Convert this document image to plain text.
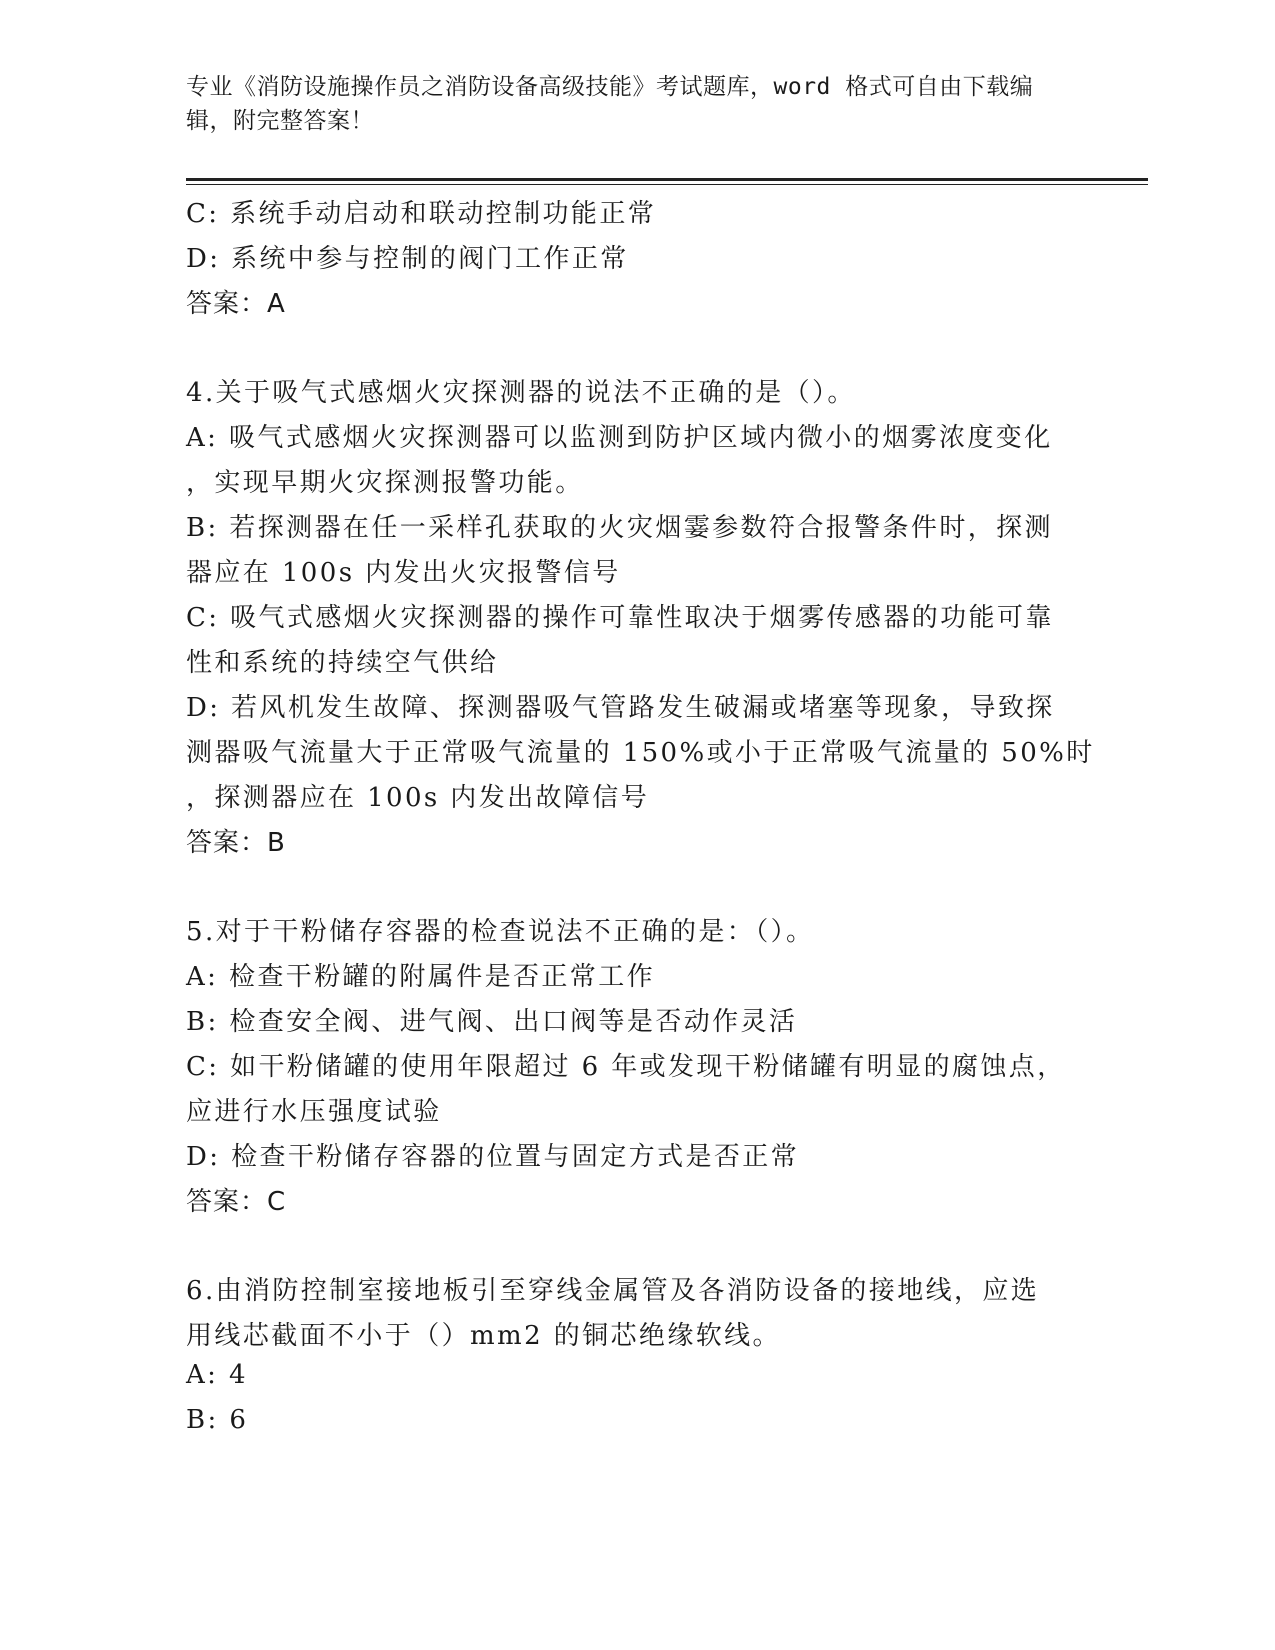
专业《消防设施操作员之消防设备高级技能》考试题库，word 格式可自由下载编
辑，附完整答案！
C: 系统手动启动和联动控制功能正常
D: 系统中参与控制的阀门工作正常
答案：A
4.关于吸气式感烟火灾探测器的说法不正确的是（）。
A: 吸气式感烟火灾探测器可以监测到防护区域内微小的烟雾浓度变化
，实现早期火灾探测报警功能。
B: 若探测器在任一采样孔获取的火灾烟霎参数符合报警条件时，探测
器应在 100s 内发出火灾报警信号
C: 吸气式感烟火灾探测器的操作可靠性取决于烟雾传感器的功能可靠
性和系统的持续空气供给
D: 若风机发生故障、探测器吸气管路发生破漏或堵塞等现象，导致探
测器吸气流量大于正常吸气流量的 150%或小于正常吸气流量的 50%时
，探测器应在 100s 内发出故障信号
答案：B
5.对于干粉储存容器的检查说法不正确的是：（）。
A: 检查干粉罐的附属件是否正常工作
B: 检查安全阀、进气阀、出口阀等是否动作灵活
C: 如干粉储罐的使用年限超过 6 年或发现干粉储罐有明显的腐蚀点，
应进行水压强度试验
D: 检查干粉储存容器的位置与固定方式是否正常
答案：C
6.由消防控制室接地板引至穿线金属管及各消防设备的接地线，应选
用线芯截面不小于（）mm2 的铜芯绝缘软线。
A: 4
B: 6
